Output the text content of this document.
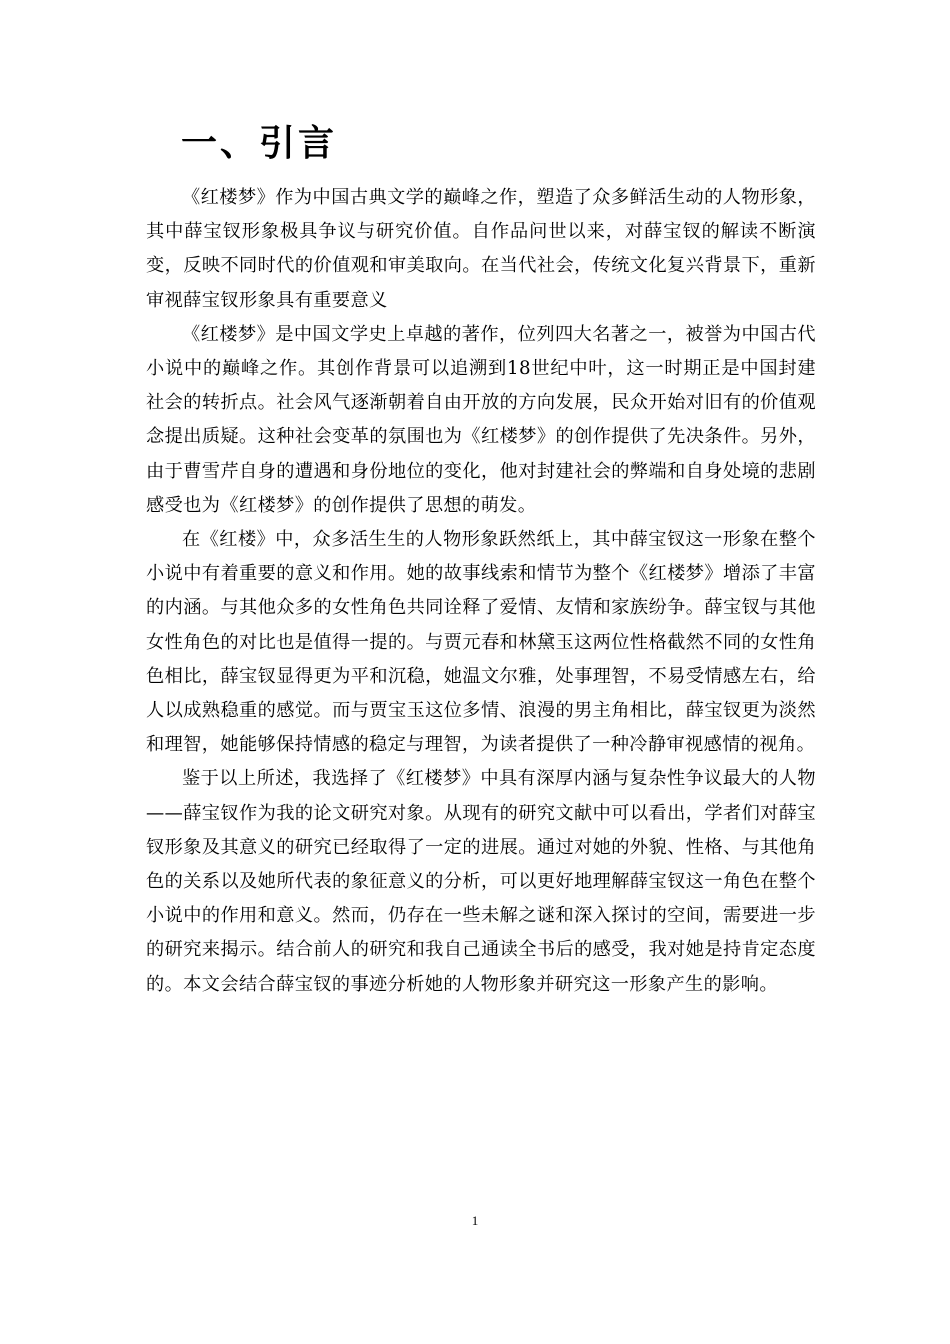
一、引言

《红楼梦》作为中国古典文学的巅峰之作，塑造了众多鲜活生动的人物形象，其中薛宝钗形象极具争议与研究价值。自作品问世以来，对薛宝钗的解读不断演变，反映不同时代的价值观和审美取向。在当代社会，传统文化复兴背景下，重新审视薛宝钗形象具有重要意义

《红楼梦》是中国文学史上卓越的著作，位列四大名著之一，被誉为中国古代小说中的巅峰之作。其创作背景可以追溯到18世纪中叶，这一时期正是中国封建社会的转折点。社会风气逐渐朝着自由开放的方向发展，民众开始对旧有的价值观念提出质疑。这种社会变革的氛围也为《红楼梦》的创作提供了先决条件。另外，由于曹雪芹自身的遭遇和身份地位的变化，他对封建社会的弊端和自身处境的悲剧感受也为《红楼梦》的创作提供了思想的萌发。

在《红楼》中，众多活生生的人物形象跃然纸上，其中薛宝钗这一形象在整个小说中有着重要的意义和作用。她的故事线索和情节为整个《红楼梦》增添了丰富的内涵。与其他众多的女性角色共同诠释了爱情、友情和家族纷争。薛宝钗与其他女性角色的对比也是值得一提的。与贾元春和林黛玉这两位性格截然不同的女性角色相比，薛宝钗显得更为平和沉稳，她温文尔雅，处事理智，不易受情感左右，给人以成熟稳重的感觉。而与贾宝玉这位多情、浪漫的男主角相比，薛宝钗更为淡然和理智，她能够保持情感的稳定与理智，为读者提供了一种冷静审视感情的视角。

鉴于以上所述，我选择了《红楼梦》中具有深厚内涵与复杂性争议最大的人物——薛宝钗作为我的论文研究对象。从现有的研究文献中可以看出，学者们对薛宝钗形象及其意义的研究已经取得了一定的进展。通过对她的外貌、性格、与其他角色的关系以及她所代表的象征意义的分析，可以更好地理解薛宝钗这一角色在整个小说中的作用和意义。然而，仍存在一些未解之谜和深入探讨的空间，需要进一步的研究来揭示。结合前人的研究和我自己通读全书后的感受，我对她是持肯定态度的。本文会结合薛宝钗的事迹分析她的人物形象并研究这一形象产生的影响。

1
